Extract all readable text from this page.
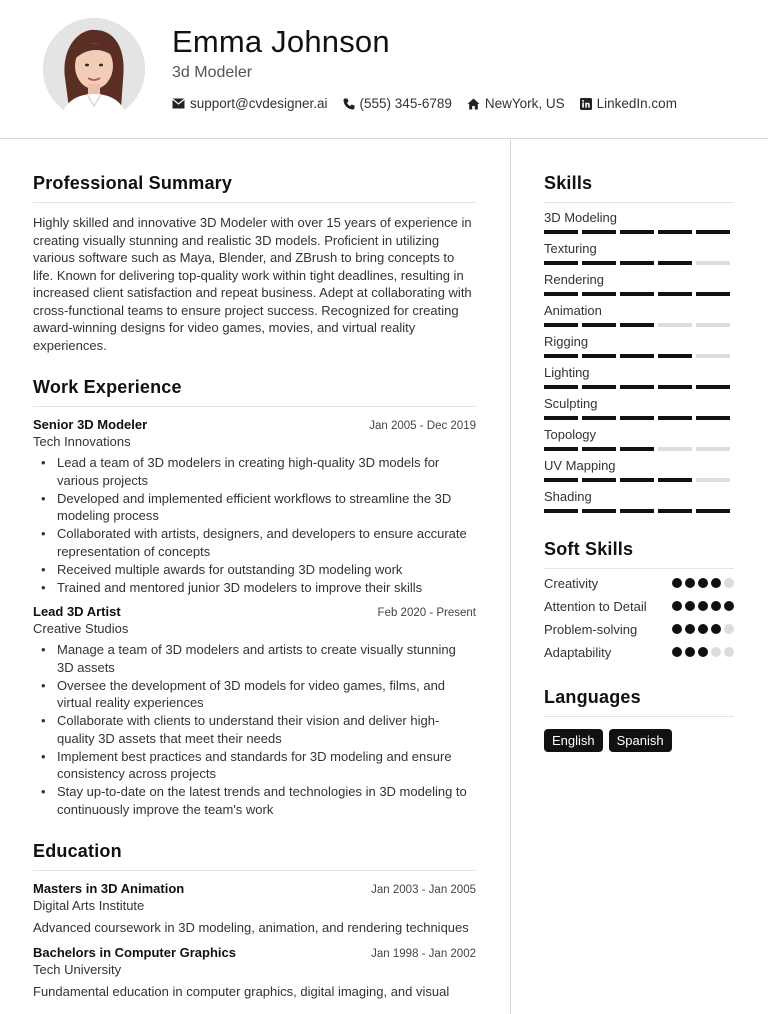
Emma Johnson
3d Modeler
support@cvdesigner.ai (555) 345-6789 NewYork, US LinkedIn.com
Professional Summary

Highly skilled and innovative 3D Modeler with over 15 years of experience in creating visually stunning and realistic 3D models. Proficient in utilizing various software such as Maya, Blender, and ZBrush to bring concepts to life. Known for delivering top-quality work within tight deadlines, resulting in increased client satisfaction and repeat business. Adept at collaborating with cross-functional teams to ensure project success. Recognized for creating award-winning designs for video games, movies, and virtual reality experiences.

Work Experience
Senior 3D Modeler	Jan 2005 - Dec 2019
Tech Innovations
• Lead a team of 3D modelers in creating high-quality 3D models for various projects
• Developed and implemented efficient workflows to streamline the 3D modeling process
• Collaborated with artists, designers, and developers to ensure accurate representation of concepts
• Received multiple awards for outstanding 3D modeling work
• Trained and mentored junior 3D modelers to improve their skills
Lead 3D Artist	Feb 2020 - Present
Creative Studios
• Manage a team of 3D modelers and artists to create visually stunning 3D assets
• Oversee the development of 3D models for video games, films, and virtual reality experiences
• Collaborate with clients to understand their vision and deliver high-quality 3D assets that meet their needs
• Implement best practices and standards for 3D modeling and ensure consistency across projects
• Stay up-to-date on the latest trends and technologies in 3D modeling to continuously improve the team's work
Education
Masters in 3D Animation	Jan 2003 - Jan 2005
Digital Arts Institute

Advanced coursework in 3D modeling, animation, and rendering techniques

Bachelors in Computer Graphics	Jan 1998 - Jan 2002
Tech University

Fundamental education in computer graphics, digital imaging, and visual

Skills
3D Modeling
Texturing
Rendering
Animation
Rigging
Lighting
Sculpting
Topology
UV Mapping
Shading
Soft Skills
Creativity
Attention to Detail
Problem-solving
Adaptability
Languages
English	Spanish
